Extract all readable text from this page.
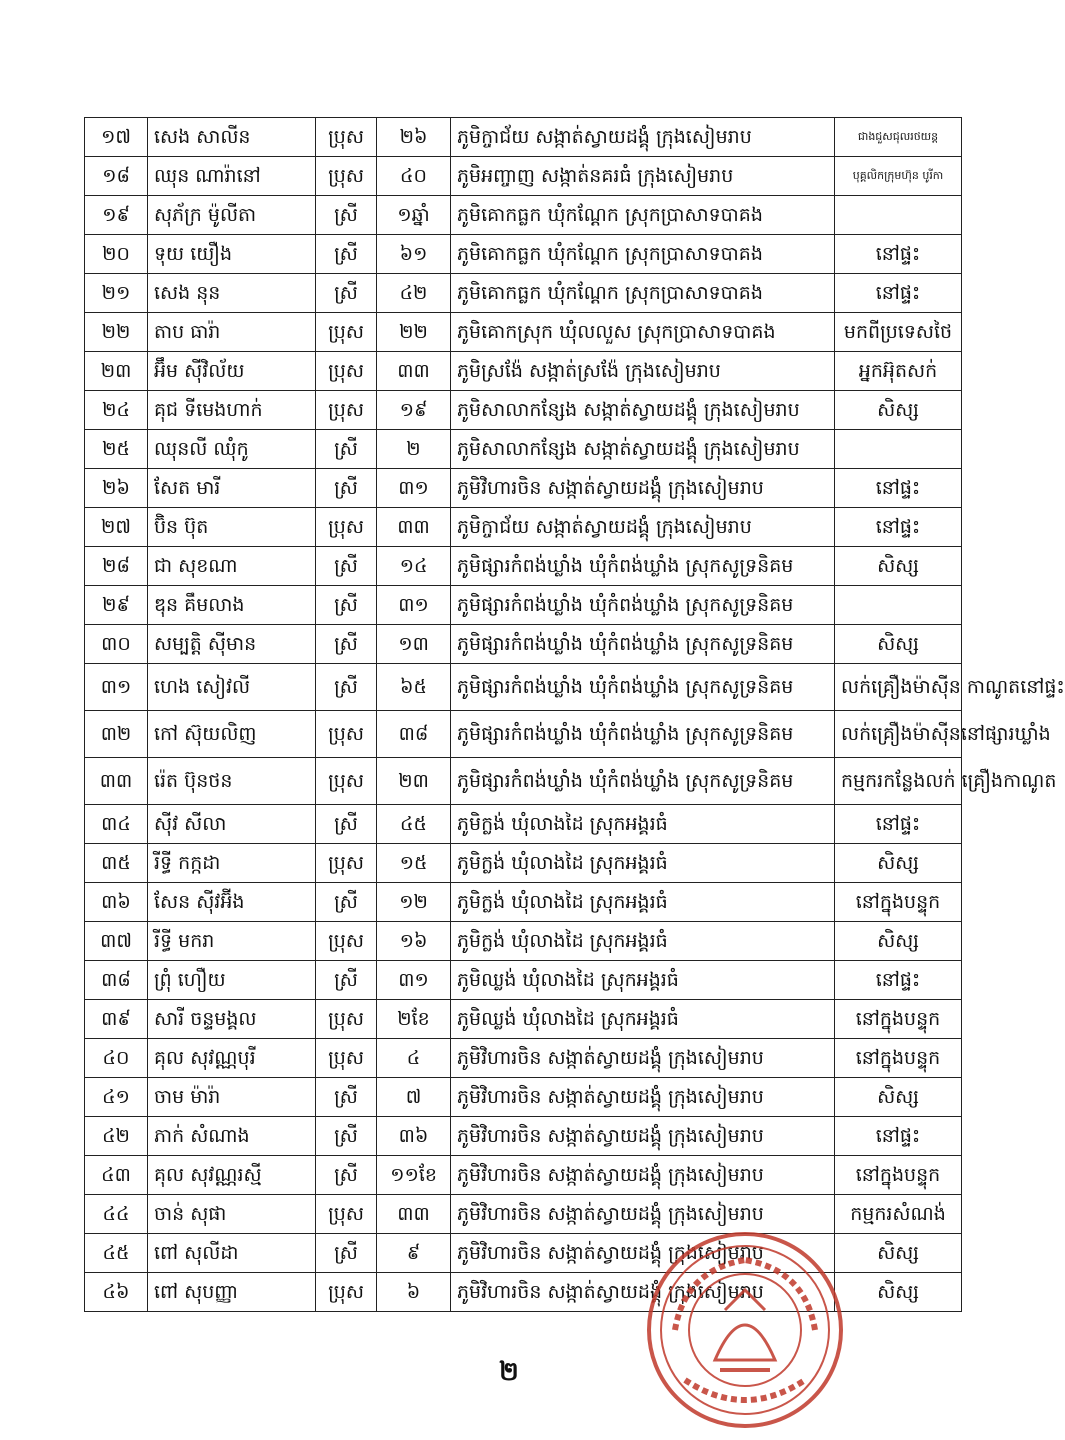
១៧	សេង សាលីន	ប្រុស	២៦	ភូមិក្ចាជ័យ សង្កាត់ស្វាយដង្គុំ ក្រុងសៀមរាប	ជាងជួសជុលរថយន្ត
១៨	ឈុន ណារ៉ានៅ	ប្រុស	៤០	ភូមិអញ្ចាញ សង្កាត់នគរធំ ក្រុងសៀមរាប	បុគ្គលិកក្រុមហ៊ុន បូរីកា
១៩	សុភ័ក្រ ម៉ូលីតា	ស្រី	១ឆ្នាំ	ភូមិគោកធ្លក ឃុំកណ្ដែក ស្រុកប្រាសាទបាគង	
២០	ទុយ យឿង	ស្រី	៦១	ភូមិគោកធ្លក ឃុំកណ្ដែក ស្រុកប្រាសាទបាគង	នៅផ្ទះ
២១	សេង នុន	ស្រី	៤២	ភូមិគោកធ្លក ឃុំកណ្ដែក ស្រុកប្រាសាទបាគង	នៅផ្ទះ
២២	តាប ធារ៉ា	ប្រុស	២២	ភូមិគោកស្រុក ឃុំលលួស ស្រុកប្រាសាទបាគង	មកពីប្រទេសថៃ
២៣	អ៊ឹម ស៊ីវិល័យ	ប្រុស	៣៣	ភូមិស្រង៉ែ សង្កាត់ស្រង៉ែ ក្រុងសៀមរាប	អ្នកអ៊ុតសក់
២៤	គុជ ទីមេងហាក់	ប្រុស	១៩	ភូមិសាលាកន្សែង សង្កាត់ស្វាយដង្គុំ ក្រុងសៀមរាប	សិស្ស
២៥	ឈុនលី ឈុំកូ	ស្រី	២	ភូមិសាលាកន្សែង សង្កាត់ស្វាយដង្គុំ ក្រុងសៀមរាប	
២៦	សែត មារី	ស្រី	៣១	ភូមិវិហារចិន សង្កាត់ស្វាយដង្គុំ ក្រុងសៀមរាប	នៅផ្ទះ
២៧	ប៊ិន ប៊ុត	ប្រុស	៣៣	ភូមិក្ចាជ័យ សង្កាត់ស្វាយដង្គុំ ក្រុងសៀមរាប	នៅផ្ទះ
២៨	ជា សុខណា	ស្រី	១៤	ភូមិផ្សារកំពង់ឃ្លាំង ឃុំកំពង់ឃ្លាំង ស្រុកសូទ្រនិគម	សិស្ស
២៩	ឌុន គឹមលាង	ស្រី	៣១	ភូមិផ្សារកំពង់ឃ្លាំង ឃុំកំពង់ឃ្លាំង ស្រុកសូទ្រនិគម	
៣០	សម្បត្តិ ស៊ីមាន	ស្រី	១៣	ភូមិផ្សារកំពង់ឃ្លាំង ឃុំកំពង់ឃ្លាំង ស្រុកសូទ្រនិគម	សិស្ស
៣១	ហេង សៀវលី	ស្រី	៦៥	ភូមិផ្សារកំពង់ឃ្លាំង ឃុំកំពង់ឃ្លាំង ស្រុកសូទ្រនិគម	លក់គ្រឿងម៉ាស៊ីន កាណូតនៅផ្ទះ
៣២	កៅ ស៊ុយលិញ	ប្រុស	៣៨	ភូមិផ្សារកំពង់ឃ្លាំង ឃុំកំពង់ឃ្លាំង ស្រុកសូទ្រនិគម	លក់គ្រឿងម៉ាស៊ីននៅផ្សារឃ្លាំង
៣៣	រ៉េត ប៊ុនថន	ប្រុស	២៣	ភូមិផ្សារកំពង់ឃ្លាំង ឃុំកំពង់ឃ្លាំង ស្រុកសូទ្រនិគម	កម្មករកន្លែងលក់ គ្រឿងកាណូត
៣៤	ស៊ីវ សីលា	ស្រី	៤៥	ភូមិក្លង់ ឃុំលាងដៃ ស្រុកអង្គរធំ	នៅផ្ទះ
៣៥	រីទ្ធី កក្កដា	ប្រុស	១៥	ភូមិក្លង់ ឃុំលាងដៃ ស្រុកអង្គរធំ	សិស្ស
៣៦	សែន ស៊ីវអ៊ីង	ស្រី	១២	ភូមិក្លង់ ឃុំលាងដៃ ស្រុកអង្គរធំ	នៅក្នុងបន្ទុក
៣៧	រីទ្ធី មករា	ប្រុស	១៦	ភូមិក្លង់ ឃុំលាងដៃ ស្រុកអង្គរធំ	សិស្ស
៣៨	ព្រុំ ហឿយ	ស្រី	៣១	ភូមិឈ្លង់ ឃុំលាងដៃ ស្រុកអង្គរធំ	នៅផ្ទះ
៣៩	សារី ចន្ទមង្គល	ប្រុស	២ខែ	ភូមិឈ្លង់ ឃុំលាងដៃ ស្រុកអង្គរធំ	នៅក្នុងបន្ទុក
៤០	គុល សុវណ្ណបុរី	ប្រុស	៤	ភូមិវិហារចិន សង្កាត់ស្វាយដង្គុំ ក្រុងសៀមរាប	នៅក្នុងបន្ទុក
៤១	ចាម ម៉ារ៉ា	ស្រី	៧	ភូមិវិហារចិន សង្កាត់ស្វាយដង្គុំ ក្រុងសៀមរាប	សិស្ស
៤២	ភាក់ សំណាង	ស្រី	៣៦	ភូមិវិហារចិន សង្កាត់ស្វាយដង្គុំ ក្រុងសៀមរាប	នៅផ្ទះ
៤៣	គុល សុវណ្ណរស្មី	ស្រី	១១ខែ	ភូមិវិហារចិន សង្កាត់ស្វាយដង្គុំ ក្រុងសៀមរាប	នៅក្នុងបន្ទុក
៤៤	ចាន់ សុផា	ប្រុស	៣៣	ភូមិវិហារចិន សង្កាត់ស្វាយដង្គុំ ក្រុងសៀមរាប	កម្មករសំណង់
៤៥	ពៅ សុលីដា	ស្រី	៩	ភូមិវិហារចិន សង្កាត់ស្វាយដង្គុំ ក្រុងសៀមរាប	សិស្ស
៤៦	ពៅ សុបញ្ញា	ប្រុស	៦	ភូមិវិហារចិន សង្កាត់ស្វាយដង្គុំ ក្រុងសៀមរាប	សិស្ស
២
